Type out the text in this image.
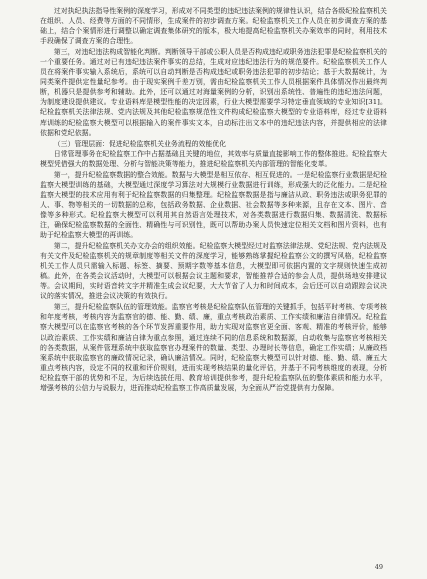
过对执纪执法指导性案例的深度学习，形成对不同类型的违纪违法案例的规律性认识，结合各级纪检监察机关在组织、人员、经费等方面的不同情形，生成案件的初步调查方案。纪检监察机关工作人员在初步调查方案的基础上，结合个案情形进行调整以确定调查集体研究的版本，极大地提高纪检监察机关办案效率的同时，利用技术手段确保了调查方案的合理性。

第三，对违纪违法构成智能化判断。判断领导干部或公职人员是否构成违纪或职务违法犯罪是纪检监察机关的一个重要任务。通过对已有违纪违法案件事实的总结，生成对应违纪违法行为的规范要件。纪检监察机关工作人员在将案件事实输入系统后，系统可以自动判断是否构成违纪或职务违法犯罪的初步结论；基于大数据统计，为同类案件提供定性量纪参考。由于现实案例千差万别，需由纪检监察机关工作人员根据案件具体情况作出最终判断，机器只是提供参考和辅助。此外，还可以通过对海量案例的分析，识别出系统性、普遍性的违纪违法问题，为制度建设提供建议。专业语料库是模型性能的决定因素，行业大模型需要学习特定垂直领域的专业知识[31]。纪检监察机关法律法规、党内法规及其他纪检监察规范性文件构成纪检监察大模型的专业语料库，经过专业语料库训练的纪检监察大模型可以根据输入的案件事实文本，自动标注出文本中的违纪违法内容，并提供相应的法律依据和党纪依据。

（三）管理层面：促进纪检监察机关业务流程的效能优化

日常管理事务在纪检监察工作中占据基础且关键的地位，其效率与质量直接影响工作的整体推进。纪检监察大模型凭借强大的数据处理、分析与智能决策等能力，推进纪检监察机关内部管理的智能化变革。

第一，提升纪检监察数据的整合效能。数据与大模型是相互依存、相互促进的。一是纪检监察行业数据是纪检监察大模型训练的基础，大模型通过深度学习算法对大规模行业数据进行训练，形成强大的泛化能力。二是纪检监察大模型的技术应用有利于纪检监察数据的归集整理。纪检监察数据是指与廉洁从政、职务违法或职务犯罪的人、事、物等相关的一切数据的总称，包括政务数据、企业数据、社会数据等多种来源，且存在文本、图片、音像等多种形式。纪检监察大模型可以利用其自然语言处理技术，对各类数据进行数据归集、数据清洗、数据标注，确保纪检监察数据的全面性、精确性与可识别性，既可以帮助办案人员快速定位相关文档和图片资料，也有助于纪检监察大模型的再训练。

第二，提升纪检监察机关办文办会的组织效能。纪检监察大模型经过对监察法律法规、党纪法规、党内法规及有关文件及纪检监察机关的规章制度等相关文件的深度学习，能够熟练掌握纪检监察公文的撰写风格，纪检监察机关工作人员只需输入标题、标签、摘要、预期字数等基本信息，大模型即可依据内置的文字规则快速生成初稿。此外，在各类会议活动时，大模型可以根据会议主题和要求，智能推荐合适的参会人员，提供场地安排建议等。会议期间，实时语音转文字并精准生成会议纪要，大大节省了人力和时间成本，会后还可以自动跟踪会议决议的落实情况，推进会议决策的有效执行。

第三，提升纪检监察队伍的管理效能。监察官考核是纪检监察队伍管理的关键抓手，包括平时考核、专项考核和年度考核，考核内容为监察官的德、能、勤、绩、廉，重点考核政治素质、工作实绩和廉洁自律情况。纪检监察大模型可以在监察官考核的各个环节发挥重要作用，助力实现对监察官更全面、客观、精准的考核评价，能够以政治素质、工作实绩和廉洁自律为重点参照，通过连续不同的信息系统和数据源，自动收集与监察官考核相关的各类数据，从案件管理系统中获取监察官办理案件的数量、类型、办理时长等信息，确定工作实绩；从廉政档案系统中获取监察官的廉政情况记录，确认廉洁情况。同时，纪检监察大模型可以针对德、能、勤、绩、廉五大重点考核内容，设定不同的权重和评价规则，进而实现考核结果的量化评估，并基于不同考核维度的表现，分析纪检监察干部的优势和不足，为后续选拔任用、教育培训提供参考，提升纪检监察队伍的整体素质和能力水平，增强考核的公信力与说服力，进而推动纪检监察工作高质量发展，为全面从严治党提供有力保障。

49
